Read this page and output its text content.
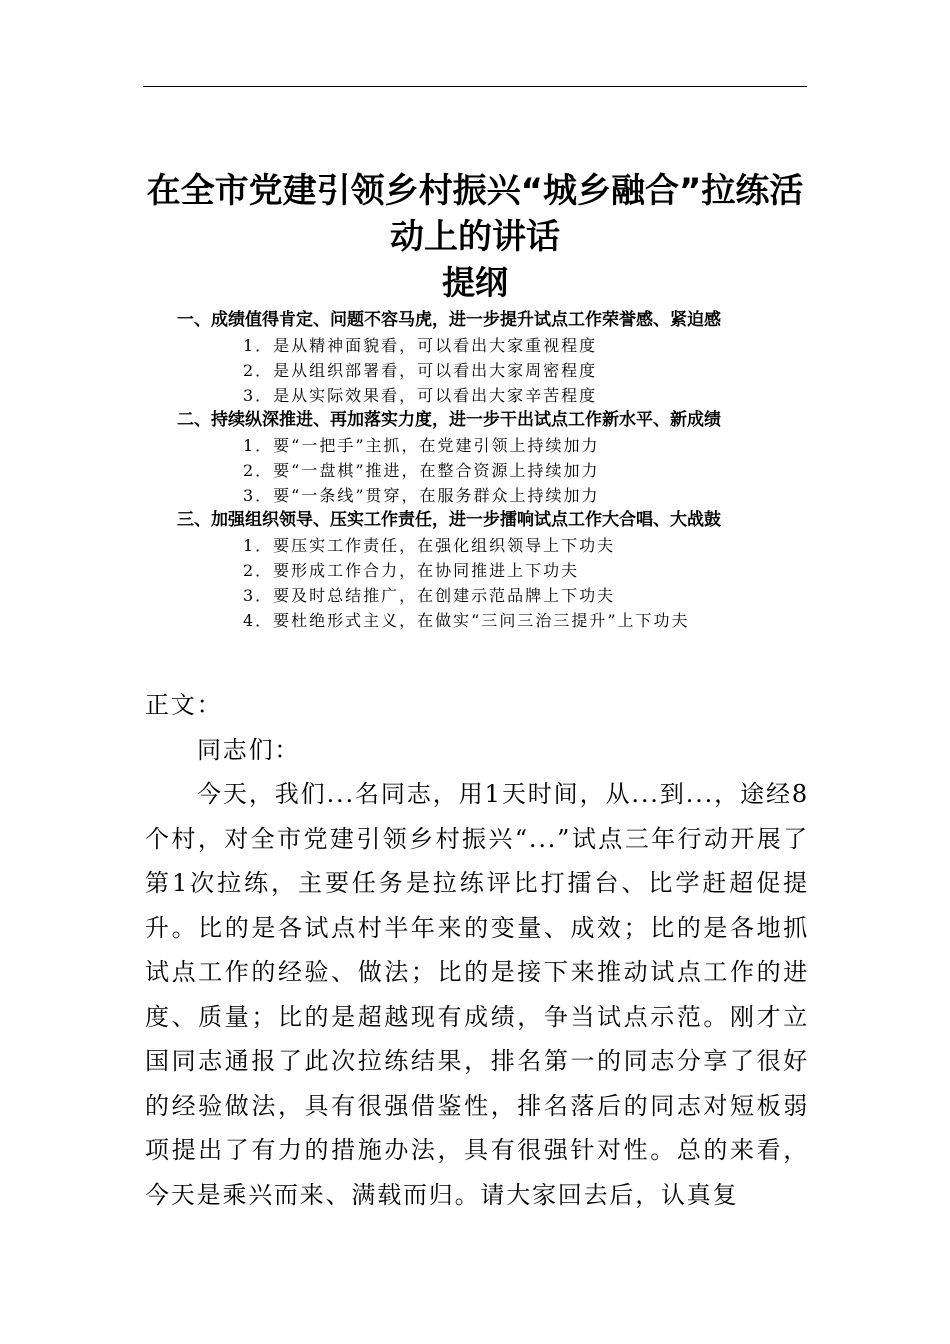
在全市党建引领乡村振兴“城乡融合”拉练活动上的讲话
提纲
一、成绩值得肯定、问题不容马虎，进一步提升试点工作荣誉感、紧迫感
1．是从精神面貌看，可以看出大家重视程度
2．是从组织部署看，可以看出大家周密程度
3．是从实际效果看，可以看出大家辛苦程度
二、持续纵深推进、再加落实力度，进一步干出试点工作新水平、新成绩
1．要“一把手”主抓，在党建引领上持续加力
2．要“一盘棋”推进，在整合资源上持续加力
3．要“一条线”贯穿，在服务群众上持续加力
三、加强组织领导、压实工作责任，进一步擂响试点工作大合唱、大战鼓
1．要压实工作责任，在强化组织领导上下功夫
2．要形成工作合力，在协同推进上下功夫
3．要及时总结推广，在创建示范品牌上下功夫
4．要杜绝形式主义，在做实“三问三治三提升”上下功夫

正文：

同志们：

今天，我们...名同志，用1天时间，从...到...，途经8个村，对全市党建引领乡村振兴“...”试点三年行动开展了第1次拉练，主要任务是拉练评比打擂台、比学赶超促提升。比的是各试点村半年来的变量、成效；比的是各地抓试点工作的经验、做法；比的是接下来推动试点工作的进度、质量；比的是超越现有成绩，争当试点示范。刚才立国同志通报了此次拉练结果，排名第一的同志分享了很好的经验做法，具有很强借鉴性，排名落后的同志对短板弱项提出了有力的措施办法，具有很强针对性。总的来看，今天是乘兴而来、满载而归。请大家回去后，认真复
